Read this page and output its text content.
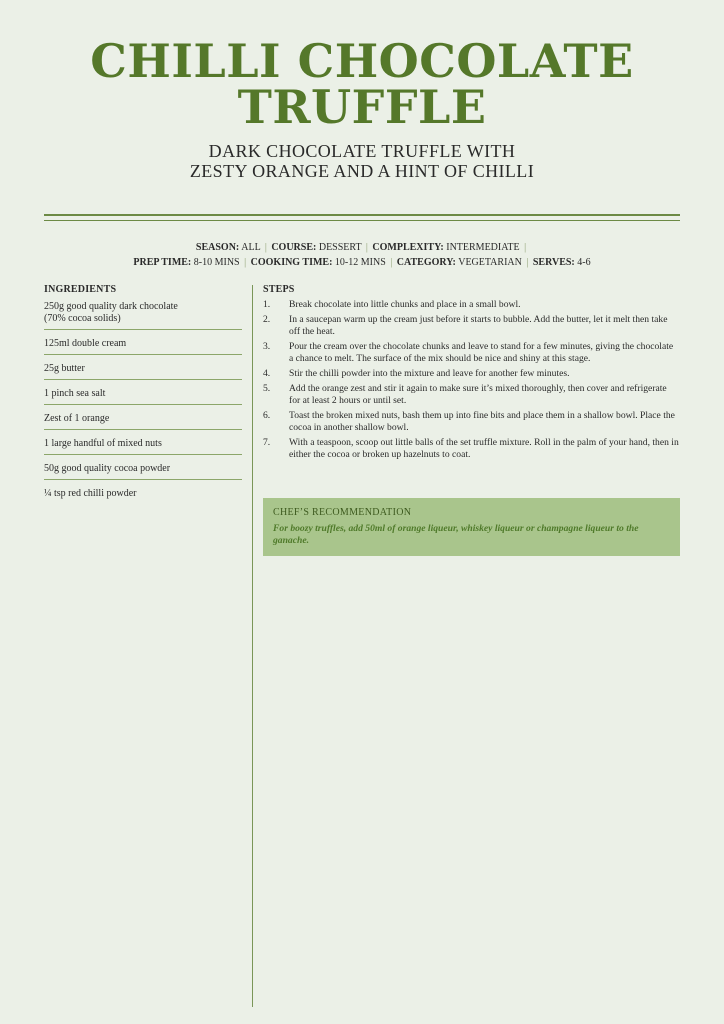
CHILLI CHOCOLATE
TRUFFLE
DARK CHOCOLATE TRUFFLE WITH
ZESTY ORANGE AND A HINT OF CHILLI
SEASON: ALL | COURSE: DESSERT | COMPLEXITY: INTERMEDIATE |
PREP TIME: 8-10 MINS | COOKING TIME: 10-12 MINS | CATEGORY: VEGETARIAN | SERVES: 4-6
INGREDIENTS
250g good quality dark chocolate
(70% cocoa solids)
125ml double cream
25g butter
1 pinch sea salt
Zest of 1 orange
1 large handful of mixed nuts
50g good quality cocoa powder
¼ tsp red chilli powder
STEPS
1.	Break chocolate into little chunks and place in a small bowl.
2.	In a saucepan warm up the cream just before it starts to bubble. Add the butter, let it melt then take off the heat.
3.	Pour the cream over the chocolate chunks and leave to stand for a few minutes, giving the chocolate a chance to melt. The surface of the mix should be nice and shiny at this stage.
4.	Stir the chilli powder into the mixture and leave for another few minutes.
5.	Add the orange zest and stir it again to make sure it’s mixed thoroughly, then cover and refrigerate for at least 2 hours or until set.
6.	Toast the broken mixed nuts, bash them up into fine bits and place them in a shallow bowl. Place the cocoa in another shallow bowl.
7.	With a teaspoon, scoop out little balls of the set truffle mixture. Roll in the palm of your hand, then in either the cocoa or broken up hazelnuts to coat.
CHEF’S RECOMMENDATION
For boozy truffles, add 50ml of orange liqueur, whiskey liqueur or champagne liqueur to the ganache.
